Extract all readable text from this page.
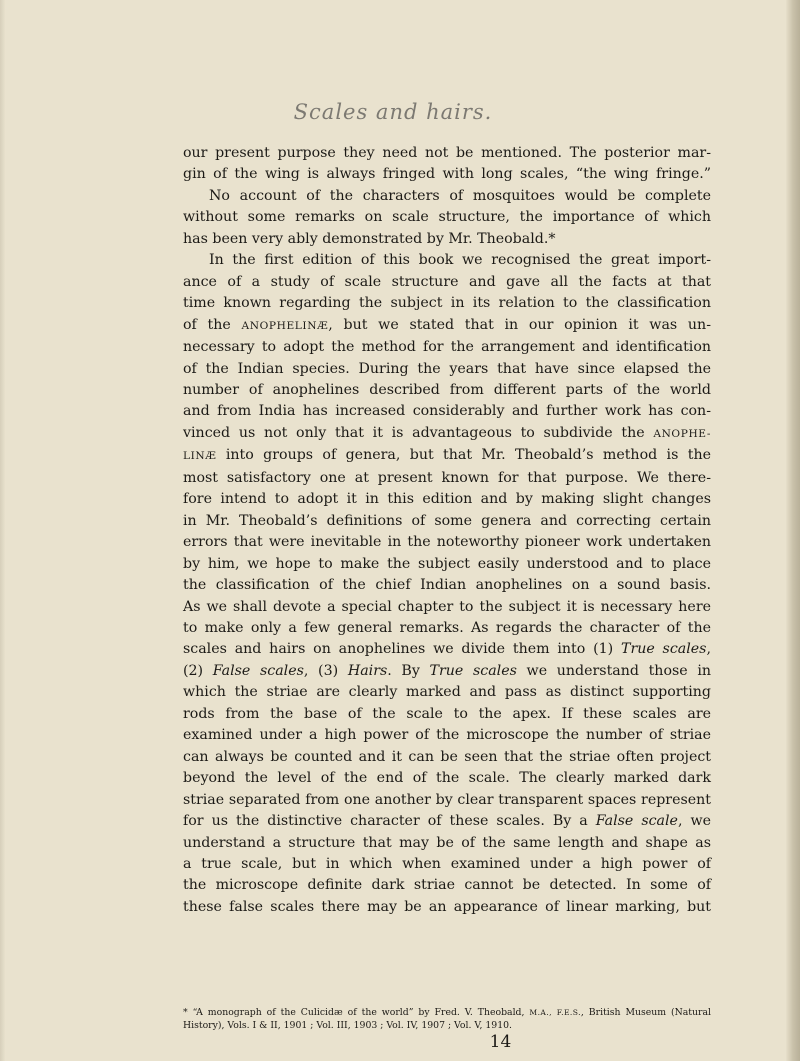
Scales and hairs.

our present purpose they need not be mentioned. The posterior mar-

gin of the wing is always fringed with long scales, “the wing fringe.”

No account of the characters of mosquitoes would be complete

without some remarks on scale structure, the importance of which

has been very ably demonstrated by Mr. Theobald.*

In the first edition of this book we recognised the great import-

ance of a study of scale structure and gave all the facts at that

time known regarding the subject in its relation to the classification

of the ANOPHELINÆ, but we stated that in our opinion it was un-

necessary to adopt the method for the arrangement and identification

of the Indian species. During the years that have since elapsed the

number of anophelines described from different parts of the world

and from India has increased considerably and further work has con-

vinced us not only that it is advantageous to subdivide the ANOPHE-

LINÆ into groups of genera, but that Mr. Theobald’s method is the

most satisfactory one at present known for that purpose. We there-

fore intend to adopt it in this edition and by making slight changes

in Mr. Theobald’s definitions of some genera and correcting certain

errors that were inevitable in the noteworthy pioneer work undertaken

by him, we hope to make the subject easily understood and to place

the classification of the chief Indian anophelines on a sound basis.

As we shall devote a special chapter to the subject it is necessary here

to make only a few general remarks. As regards the character of the

scales and hairs on anophelines we divide them into (1) True scales,

(2) False scales, (3) Hairs. By True scales we understand those in

which the striae are clearly marked and pass as distinct supporting

rods from the base of the scale to the apex. If these scales are

examined under a high power of the microscope the number of striae

can always be counted and it can be seen that the striae often project

beyond the level of the end of the scale. The clearly marked dark

striae separated from one another by clear transparent spaces represent

for us the distinctive character of these scales. By a False scale, we

understand a structure that may be of the same length and shape as

a true scale, but in which when examined under a high power of

the microscope definite dark striae cannot be detected. In some of

these false scales there may be an appearance of linear marking, but

* “A monograph of the Culicidæ of the world” by Fred. V. Theobald, M.A., F.E.S., British Museum (Natural History), Vols. I & II, 1901 ; Vol. III, 1903 ; Vol. IV, 1907 ; Vol. V, 1910.

14
